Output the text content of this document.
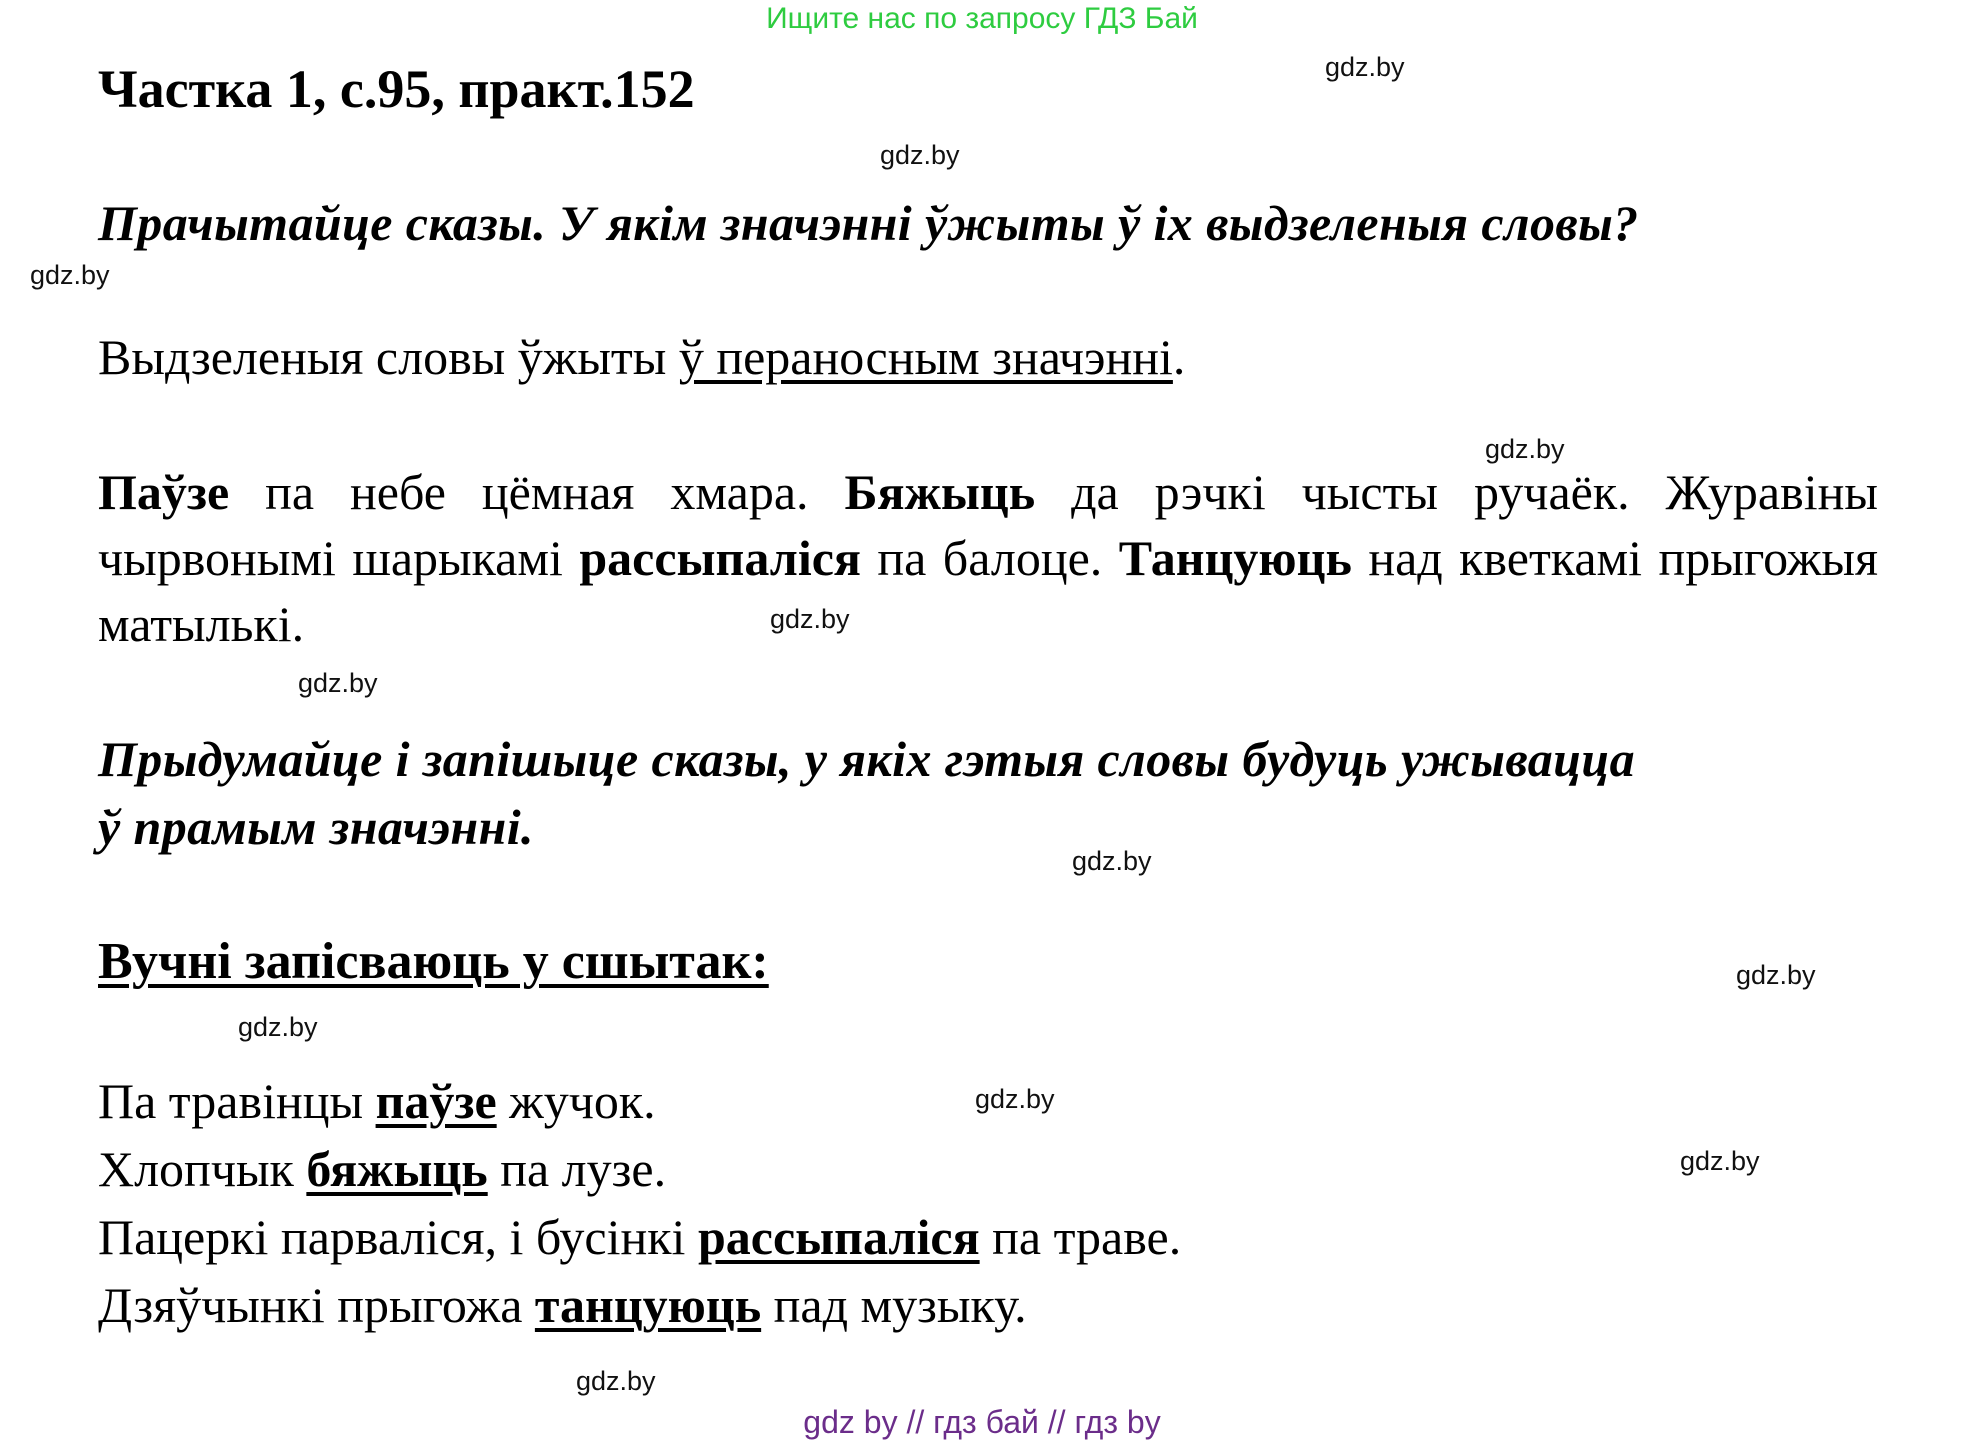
Ищите нас по запросу ГДЗ Бай
Частка 1, с.95, практ.152
Прачытайце сказы. У якім значэнні ўжыты ў іх выдзеленыя словы?
Выдзеленыя словы ўжыты ў пераносным значэнні.
Паўзе па небе цёмная хмара. Бяжыць да рэчкі чысты ручаёк. Журавіны чырвонымі шарыкамі рассыпаліся па балоце. Танцуюць над кветкамі прыгожыя матылькі.
Прыдумайце і запішыце сказы, у якіх гэтыя словы будуць ужывацца
ў прамым значэнні.
Вучні запісваюць у сшытак:
Па травінцы паўзе жучок.
Хлопчык бяжыць па лузе.
Пацеркі парваліся, і бусінкі рассыпаліся па траве.
Дзяўчынкі прыгожа танцуюць пад музыку.
gdz.by
gdz.by
gdz.by
gdz.by
gdz.by
gdz.by
gdz.by
gdz.by
gdz.by
gdz.by
gdz.by
gdz.by
gdz by // гдз бай // гдз by
